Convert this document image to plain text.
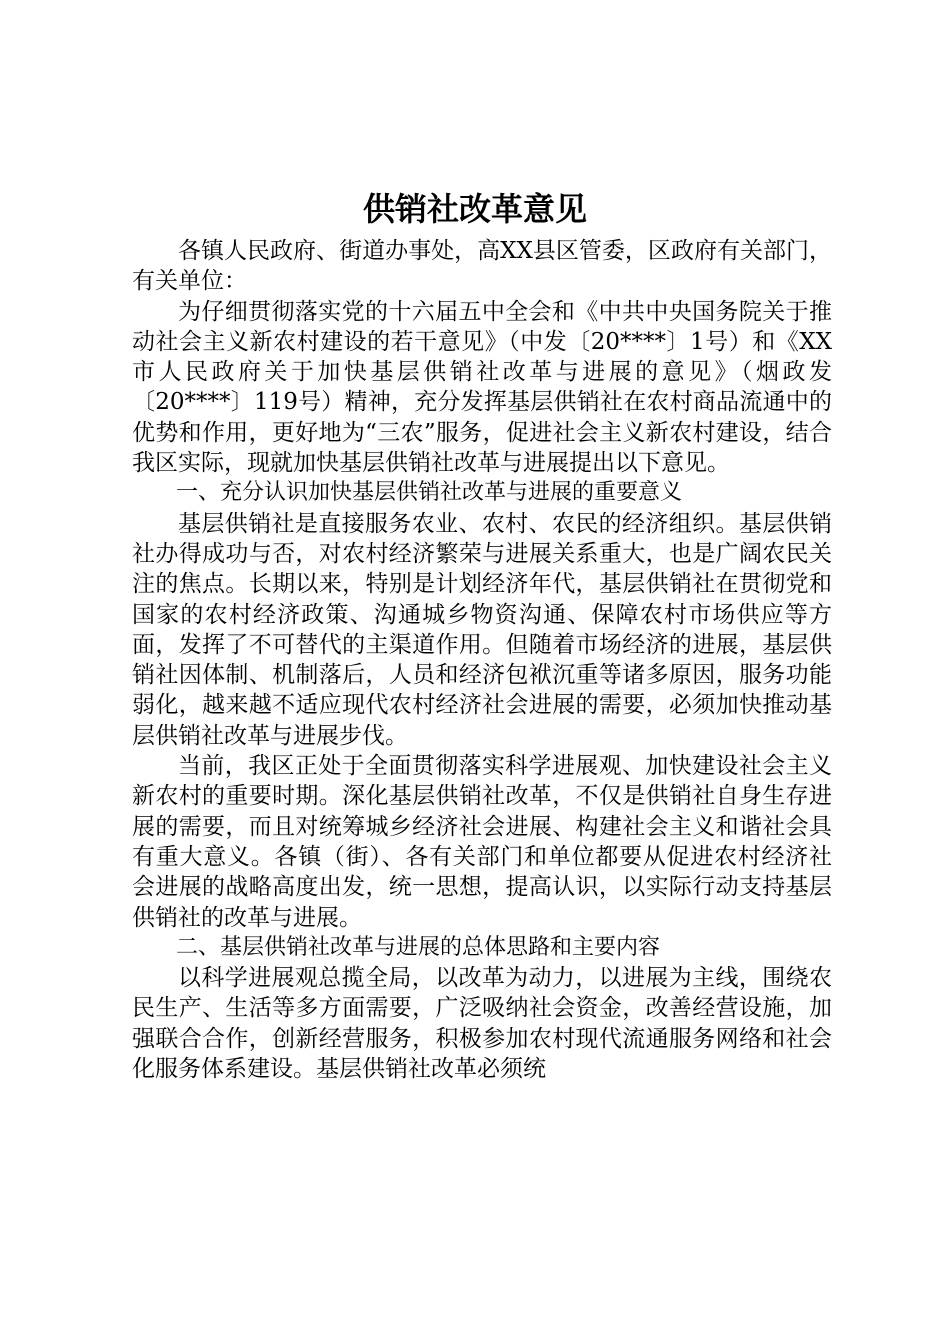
供销社改革意见

各镇人民政府、街道办事处，高XX县区管委，区政府有关部门，有关单位：

为仔细贯彻落实党的十六届五中全会和《中共中央国务院关于推动社会主义新农村建设的若干意见》（中发〔20****〕1号）和《XX市人民政府关于加快基层供销社改革与进展的意见》（烟政发〔20****〕119号）精神，充分发挥基层供销社在农村商品流通中的优势和作用，更好地为“三农”服务，促进社会主义新农村建设，结合我区实际，现就加快基层供销社改革与进展提出以下意见。

一、充分认识加快基层供销社改革与进展的重要意义

基层供销社是直接服务农业、农村、农民的经济组织。基层供销社办得成功与否，对农村经济繁荣与进展关系重大，也是广阔农民关注的焦点。长期以来，特别是计划经济年代，基层供销社在贯彻党和国家的农村经济政策、沟通城乡物资沟通、保障农村市场供应等方面，发挥了不可替代的主渠道作用。但随着市场经济的进展，基层供销社因体制、机制落后，人员和经济包袱沉重等诸多原因，服务功能弱化，越来越不适应现代农村经济社会进展的需要，必须加快推动基层供销社改革与进展步伐。

当前，我区正处于全面贯彻落实科学进展观、加快建设社会主义新农村的重要时期。深化基层供销社改革，不仅是供销社自身生存进展的需要，而且对统筹城乡经济社会进展、构建社会主义和谐社会具有重大意义。各镇（街）、各有关部门和单位都要从促进农村经济社会进展的战略高度出发，统一思想，提高认识，以实际行动支持基层供销社的改革与进展。

二、基层供销社改革与进展的总体思路和主要内容

以科学进展观总揽全局，以改革为动力，以进展为主线，围绕农民生产、生活等多方面需要，广泛吸纳社会资金，改善经营设施，加强联合合作，创新经营服务，积极参加农村现代流通服务网络和社会化服务体系建设。基层供销社改革必须统
